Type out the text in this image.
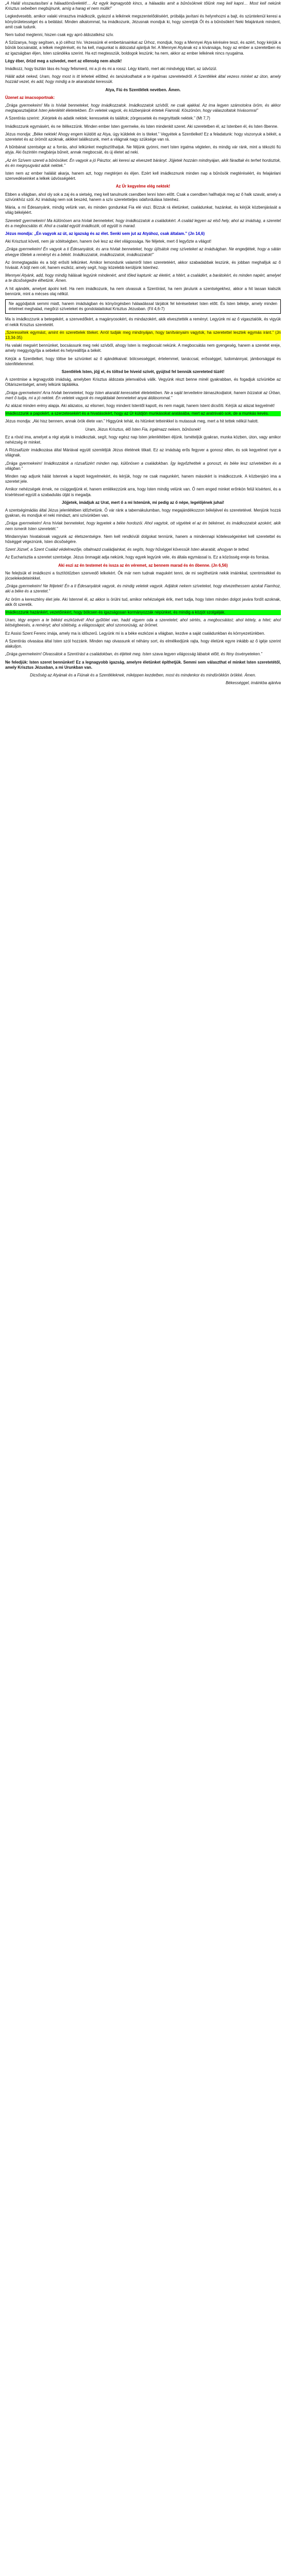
„A Halál visszautasítani a hálaadóműveletét!… Az egyik legnagyobb kincs, a hálaadás amit a bűnösöknek tőlünk meg kell kapni… Most kell nekünk Krisztus sebeiben megbújnunk, amíg a harag el nem múlik!”

Legkedvesebb, amikor valaki virrasztva imádkozik, gyászol a lelkének megszentelődéséért, próbálja javítani és helyrehozni a bajt, és szüntelenül keresi a könyörületességet és a belátást. Minden alkalommal, ha imádkozunk, Jézusnak mondjuk ki, hogy szeretjük Őt és a bűnösökért Neki felajánlunk mindent, amit csak tudunk.

Nem tudod megtenni, hiszen csak egy apró áldozatkész szív.

A Szűzanya, hogy segítsen, a jó célhoz hív. Vezessünk el embertársainkat az Úrhoz, mondjuk, hogy a Mennyei Atya kérésére teszi, és azért, hogy kérjük a bűnök bocsánatát, a lelkek megtérését, és ha kell, magunkat is áldozatul ajánljuk fel. A Mennyei Atyának ez a kívánsága, hogy az ember a szeretetben és az igazságban éljen, Isten szándéka szerint. Ha ezt megtesszük, boldogok leszünk; ha nem, akkor az ember lelkének nincs nyugalma.

Légy éber, őrizd meg a szívedet, mert az ellenség nem alszik!

Imádkozz, hogy tisztán láss és hogy felismerd, mi a jó és mi a rossz. Légy kitartó, mert aki mindvégig kitart, az üdvözül.

Hálát adok neked, Uram, hogy most is itt lehetek előtted, és tanúskodhatok a te irgalmas szeretetedről. A Szentlélek által vezess minket az úton, amely hozzád vezet, és add, hogy mindig a te akaratodat keressük.

Atya, Fiú és Szentlélek nevében. Ámen.

Üzenet az imacsoportnak:

„Drága gyermekeim! Ma is hívlak benneteket, hogy imádkozzatok. Imádkozzatok szívből, ne csak ajakkal. Az ima legyen számotokra öröm, és akkor megtapasztaljátok Isten jelenlétét életetekben. Én veletek vagyok, és közbenjárok értetek Fiamnál. Köszönöm, hogy válaszoltatok hívásomra!”

A Szentírás szerint: „Kérjetek és adatik nektek; keressetek és találtok; zörgessetek és megnyittatik nektek.” (Mt 7,7)

Imádkozzunk egymásért, és ne ítélkezzünk. Minden ember Isten gyermeke, és Isten mindenkit szeret. Aki szeretetben él, az Istenben él, és Isten őbenne.

Jézus mondja: „Béke nektek! Ahogy engem küldött az Atya, úgy küldelek én is titeket.” Vegyétek a Szentlelket! Ez a feladatunk: hogy viszonyuk a békét, a szeretetet és az örömöt azoknak, akikkel találkozunk, mert a világnak nagy szüksége van rá.

A bűnbánat szentsége az a forrás, ahol lelkünket megtisztíthatjuk. Ne féljünk gyónni, mert Isten irgalma végtelen, és mindig vár ránk, mint a tékozló fiú atyja. Aki őszintén megbánja bűneit, annak megbocsát, és új életet ad neki.

„Az én Szívem szereti a bűnösöket. Én vagyok a jó Pásztor, aki keresi az elveszett bárányt. Jöjjetek hozzám mindnyájan, akik fáradtak és terhet hordoztok, és én megnyugvást adok nektek.”

Isten nem az ember halálát akarja, hanem azt, hogy megtérjen és éljen. Ezért kell imádkoznunk minden nap a bűnösök megtéréséért, és felajánlani szenvedéseinket a lelkek üdvösségéért.

Az Úr kegyelme elég nektek!

Ebben a világban, ahol oly sok a zaj és a sietség, meg kell tanulnunk csendben lenni Isten előtt. Csak a csendben hallhatjuk meg az ő halk szavát, amely a szívünkhöz szól. Az imádság nem sok beszéd, hanem a szív szeretetteljes odafordulása Istenhez.

Mária, a mi Édesanyánk, mindig velünk van, és minden gondunkat Fia elé viszi. Bízzuk rá életünket, családunkat, hazánkat, és kérjük közbenjárását a világ békéjéért.

Szeretett gyermekeim! Ma különösen arra hívlak benneteket, hogy imádkozzatok a családokért. A család legyen az első hely, ahol az imádság, a szeretet és a megbocsátás él. Ahol a család együtt imádkozik, ott együtt is marad.

Jézus mondja: „Én vagyok az út, az igazság és az élet. Senki sem jut az Atyához, csak általam.” (Jn 14,6)

Aki Krisztust követi, nem jár sötétségben, hanem övé lesz az élet világossága. Ne féljetek, mert ő legyőzte a világot!

„Drága gyermekeim! Én vagyok a ti Édesanyátok, és arra hívlak benneteket, hogy újítsátok meg szíveteket az imádságban. Ne engedjétek, hogy a sátán elvegye tőletek a reményt és a békét. Imádkozzatok, imádkozzatok, imádkozzatok!”

Az önmegtagadás és a böjt erősíti lelkünket. Amikor lemondunk valamiről Isten szeretetéért, akkor szabadabbak leszünk, és jobban meghalljuk az ő hívását. A böjt nem cél, hanem eszköz, amely segít, hogy közelebb kerüljünk Istenhez.

Mennyei Atyánk, add, hogy mindig hálásak legyünk mindenért, amit tőled kaptunk: az életért, a hitért, a családért, a barátokért, és minden napért, amelyet a te dicsőségedre élhetünk. Ámen.

A hit ajándék, amelyet ápolni kell. Ha nem imádkozunk, ha nem olvassuk a Szentírást, ha nem járulunk a szentségekhez, akkor a hit lassan kialszik bennünk, mint a mécses olaj nélkül.

Ne aggódjatok semmi miatt, hanem imádságban és könyörgésben hálaadással tárjátok fel kéréseiteket Isten előtt. És Isten békéje, amely minden értelmet meghalad, megőrzi szíveteket és gondolataitokat Krisztus Jézusban. (Fil 4,6-7)

Ma is imádkozzunk a betegekért, a szenvedőkért, a magányosokért, és mindazokért, akik elvesztették a reményt. Legyünk mi az ő vigasztalóik, és vigyük el nekik Krisztus szeretetét.

„Szeressétek egymást, amint én szerettelek titeket. Arról tudják meg mindnyájan, hogy tanítványaim vagytok, ha szeretettel lesztek egymás iránt.” (Jn 13,34-35)

Ha valaki megsért bennünket, bocsássunk meg neki szívből, ahogy Isten is megbocsát nekünk. A megbocsátás nem gyengeség, hanem a szeretet ereje, amely meggyógyítja a sebeket és helyreállítja a békét.

Kérjük a Szentlelket, hogy töltse be szívünket az ő ajándékaival: bölcsességgel, értelemmel, tanáccsal, erősséggel, tudománnyal, jámborsággal és istenfélelemmel.

Szentlélek Isten, jöjj el, és töltsd be híveid szívét, gyújtsd fel bennük szereteted tüzét!

A szentmise a legnagyobb imádság, amelyben Krisztus áldozata jelenvalóvá válik. Vegyünk részt benne minél gyakrabban, és fogadjuk szívünkbe az Oltáriszentséget, amely lelkünk tápláléka.

„Drága gyermekeim! Arra hívlak benneteket, hogy Isten akaratát keressétek életetekben. Ne a saját terveitekre támaszkodjatok, hanem bízzatok az Úrban, mert ő tudja, mi a jó nektek. Én veletek vagyok és megáldalak benneteket anyai áldásommal.”

Az alázat minden erény alapja. Aki alázatos, az elismeri, hogy mindent Istentől kapott, és nem magát, hanem Istent dicsőíti. Kérjük az alázat kegyelmét!

Imádkozzunk a papokért, a szerzetesekért és a hivatásokért, hogy az Úr küldjön munkásokat aratásába, mert az aratnivaló sok, de a munkás kevés.

Jézus mondja: „Aki hisz bennem, annak örök élete van.” Higgyünk tehát, és hitünket tetteinkkel is mutassuk meg, mert a hit tettek nélkül halott.

Uram, Jézus Krisztus, élő Isten Fia, irgalmazz nekem, bűnösnek!

Ez a rövid ima, amelyet a régi atyák is imádkoztak, segít, hogy egész nap Isten jelenlétében éljünk. Ismételjük gyakran, munka közben, úton, vagy amikor nehézség ér minket.

A Rózsafüzér imádkozása által Máriával együtt szemléljük Jézus életének titkait. Ez az imádság erős fegyver a gonosz ellen, és sok kegyelmet nyer a világnak.

„Drága gyermekeim! Imádkozzátok a rózsafüzért minden nap, különösen a családokban. Így legyőzhetitek a gonoszt, és béke lesz szívetekben és a világban.”

Minden nap adjunk hálát Istennek a kapott kegyelmekért, és kérjük, hogy ne csak magunkért, hanem másokért is imádkozzunk. A közbenjáró ima a szeretet jele.

Amikor nehézségek érnek, ne csüggedjünk el, hanem emlékezzünk arra, hogy Isten mindig velünk van. Ő nem enged minket erőnkön felül kísérteni, és a kísértéssel együtt a szabadulás útját is megadja.

Jöjjetek, imádjuk az Urat, mert ő a mi Istenünk, mi pedig az ő népe, legelőjének juhai!

A szentségimádás által Jézus jelenlétében időzhetünk. Ő vár ránk a tabernákulumban, hogy megajándékozzon békéjével és szeretetével. Menjünk hozzá gyakran, és mondjuk el neki mindazt, ami szívünkben van.

„Drága gyermekeim! Arra hívlak benneteket, hogy legyetek a béke hordozói. Ahol vagytok, ott vigyétek el az én békémet, és imádkozzatok azokért, akik nem ismerik Isten szeretetét.”

Mindannyian hivatalosak vagyunk az életszentségre. Nem kell rendkívüli dolgokat tennünk, hanem a mindennapi kötelességeinket kell szeretettel és hűséggel végeznünk, Isten dicsőségére.

Szent József, a Szent Család védelmezője, oltalmazd családjainkat, és segíts, hogy hűséggel kövessük Isten akaratát, ahogyan te tetted.

Az Eucharisztia a szeretet szentsége. Jézus önmagát adja nekünk, hogy egyek legyünk vele, és általa egymással is. Ez a közösség ereje és forrása.

Aki eszi az én testemet és issza az én véremet, az bennem marad és én őbenne. (Jn 6,56)

Ne felejtsük el imádkozni a tisztítótűzben szenvedő lelkekért. Ők már nem tudnak magukért tenni, de mi segíthetünk nekik imáinkkal, szentmisékkel és jócselekedeteinkkel.

„Drága gyermekeim! Ne féljetek! Én a ti Édesanyátok vagyok, és mindig veletek vagyok. Adjátok nekem szíveteket, hogy elvezethessem azokat Fiamhoz, aki a béke és a szeretet.”

Az öröm a keresztény élet jele. Aki Istennel él, az akkor is örülni tud, amikor nehézségek érik, mert tudja, hogy Isten minden dolgot javára fordít azoknak, akik őt szeretik.

Imádkozzunk hazánkért, vezetőinkért, hogy bölcsen és igazságosan kormányozzák népünket, és mindig a közjót szolgálják.

Uram, tégy engem a te békéd eszközévé! Ahol gyűlölet van, hadd vigyem oda a szeretetet; ahol sértés, a megbocsátást; ahol kétely, a hitet; ahol kétségbeesés, a reményt; ahol sötétség, a világosságot; ahol szomorúság, az örömet.

Ez Assisi Szent Ferenc imája, amely ma is időszerű. Legyünk mi is a béke eszközei a világban, kezdve a saját családunkban és környezetünkben.

A Szentírás olvasása által Isten szól hozzánk. Minden nap olvassunk el néhány sort, és elmélkedjünk rajta, hogy életünk egyre inkább az ő igéje szerint alakuljon.

„Drága gyermekeim! Olvassátok a Szentírást a családokban, és éljétek meg. Isten szava legyen világosság lábatok előtt, és fény ösvényeteken.”

Ne feledjük: Isten szeret bennünket! Ez a legnagyobb igazság, amelyre életünket építhetjük. Semmi sem választhat el minket Isten szeretetétől, amely Krisztus Jézusban, a mi Urunkban van.

Dicsőség az Atyának és a Fiúnak és a Szentléleknek, miképpen kezdetben, most és mindenkor és mindörökkön örökké. Ámen.

Békességgel, imáinkba ajánlva
